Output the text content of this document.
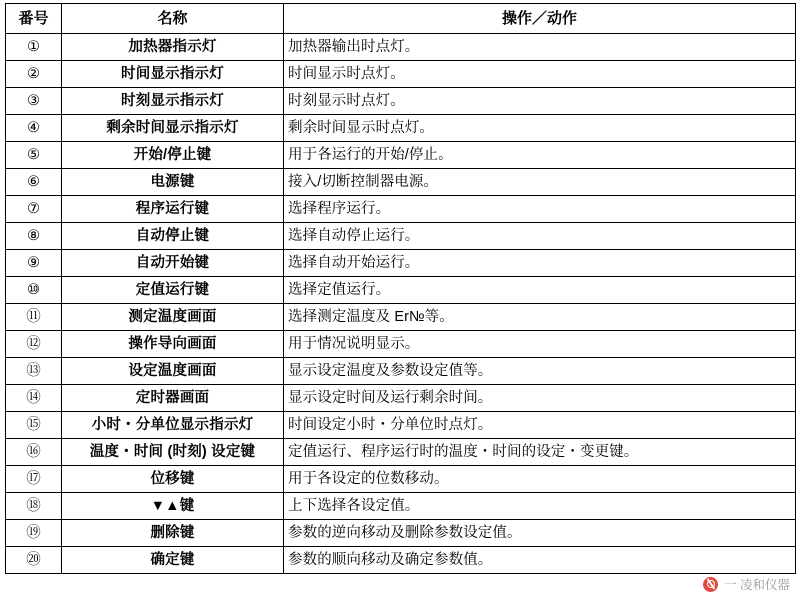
番号	名称	操作／动作
①	加热器指示灯	加热器输出时点灯。
②	时间显示指示灯	时间显示时点灯。
③	时刻显示指示灯	时刻显示时点灯。
④	剩余时间显示指示灯	剩余时间显示时点灯。
⑤	开始/停止键	用于各运行的开始/停止。
⑥	电源键	接入/切断控制器电源。
⑦	程序运行键	选择程序运行。
⑧	自动停止键	选择自动停止运行。
⑨	自动开始键	选择自动开始运行。
⑩	定值运行键	选择定值运行。
⑪	测定温度画面	选择测定温度及 Er№等。
⑫	操作导向画面	用于情况说明显示。
⑬	设定温度画面	显示设定温度及参数设定值等。
⑭	定时器画面	显示设定时间及运行剩余时间。
⑮	小时・分单位显示指示灯	时间设定小时・分单位时点灯。
⑯	温度・时间 (时刻) 设定键	定值运行、程序运行时的温度・时间的设定・变更键。
⑰	位移键	用于各设定的位数移动。
⑱	▼▲键	上下选择各设定值。
⑲	删除键	参数的逆向移动及删除参数设定值。
⑳	确定键	参数的顺向移动及确定参数值。
一 凌和仪器
